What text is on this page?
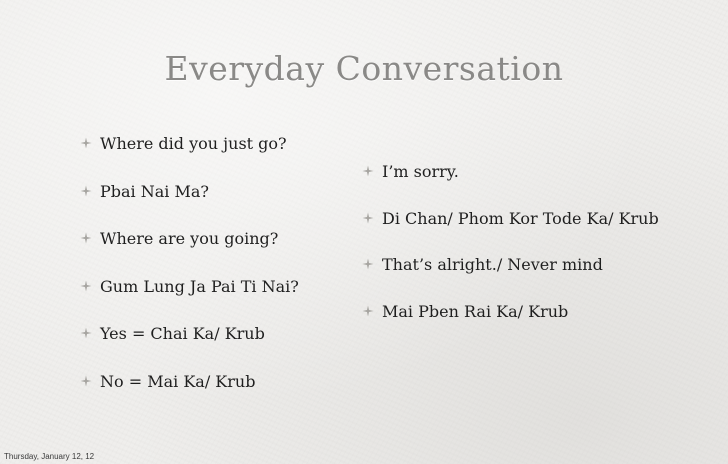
Everyday Conversation
Where did you just go?
Pbai Nai Ma?
Where are you going?
Gum Lung Ja Pai Ti Nai?
Yes = Chai Ka/ Krub
No = Mai Ka/ Krub
I’m sorry.
Di Chan/ Phom Kor Tode Ka/ Krub
That’s alright./ Never mind
Mai Pben Rai Ka/ Krub
Thursday, January 12, 12
